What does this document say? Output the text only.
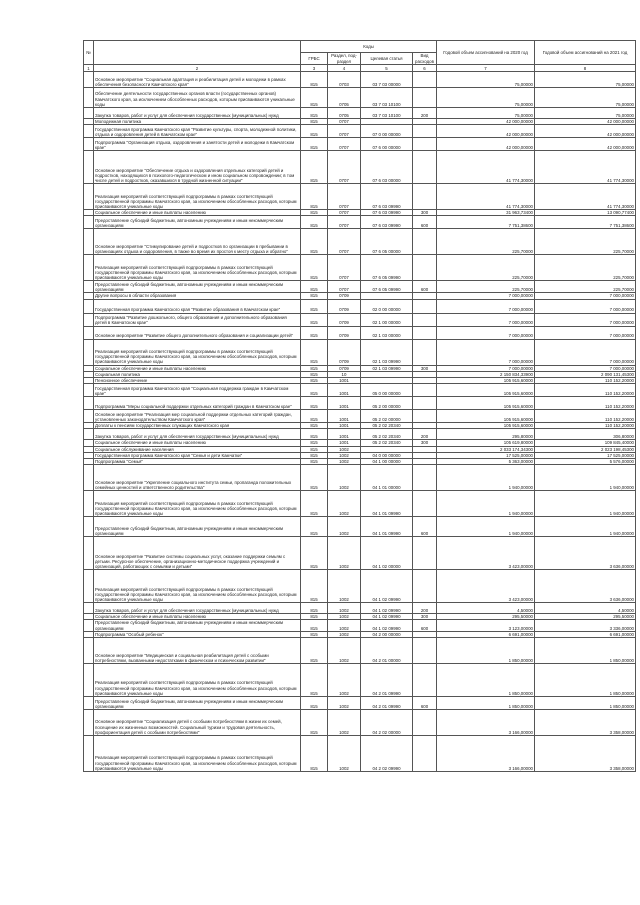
№		Коды				Годовой объем ассигнований на 2020 год	Годовой объем ассигнований на 2021 год
		ГРБС	Раздел, под-раздел	Целевая статья	Вид расходов		
1	2	3	4	5	6	7	8
	Основное мероприятие "Социальная адаптация и реабилитация детей и молодежи в рамках обеспечения безопасности Камчатского края"	815	0703	03 7 03 00000		75,00000	75,00000
	Обеспечение деятельности государственных органов власти (государственных органов) Камчатского края, за исключением обособленных расходов, которым присваиваются уникальные коды	815	0705	03 7 03 10100		75,00000	75,00000
	Закупка товаров, работ и услуг для обеспечения государственных (муниципальных) нужд	815	0705	03 7 03 10100	200	75,00000	75,00000
	Молодежная политика	815	0707			42 000,00000	42 000,00000
	Государственная программа Камчатского края "Развитие культуры, спорта, молодежной политики, отдыха и оздоровления детей в Камчатском крае"	815	0707	07 0 00 00000		42 000,00000	42 000,00000
	Подпрограмма "Организация отдыха, оздоровления и занятости детей и молодежи в Камчатском крае"	815	0707	07 6 00 00000		42 000,00000	42 000,00000
	Основное мероприятие "Обеспечение отдыха и оздоровления отдельных категорий детей и подростков, находящихся в психолого-педагогическом и ином социальном сопровождении; в том числе детей и подростков, оказавшихся в трудной жизненной ситуации"	815	0707	07 6 03 00000		41 774,30000	41 774,30000
	Реализация мероприятий соответствующей подпрограммы в рамках соответствующей государственной программы Камчатского края, за исключением обособленных расходов, которым присваиваются уникальные коды	815	0707	07 6 03 09990		41 774,30000	41 774,30000
	Социальное обеспечение и иные выплаты населению	815	0707	07 6 03 09990	300	31 963,73400	13 090,77400
	Предоставление субсидий бюджетным, автономным учреждениям и иным некоммерческим организациям	815	0707	07 6 03 09990	600	7 751,38600	7 751,38600
	Основное мероприятие "Стимулирование детей и подростков по организации в пребывании в организациях отдыха и оздоровления, в также во время их простоя к месту отдыха и обратно"	815	0707	07 6 05 00000		225,70000	225,70000
	Реализация мероприятий соответствующей подпрограммы в рамках соответствующей государственной программы Камчатского края, за исключением обособленных расходов, которым присваиваются уникальные коды	815	0707	07 6 05 09990		225,70000	225,70000
	Предоставление субсидий бюджетным, автономным учреждениям и иным некоммерческим организациям	815	0707	07 6 05 09990	600	225,70000	225,70000
	Другие вопросы в области образования	815	0709			7 000,00000	7 000,00000
	Государственная программа Камчатского края "Развитие образования в Камчатском крае"	815	0709	02 0 00 00000		7 000,00000	7 000,00000
	Подпрограмма "Развитие дошкольного, общего образования и дополнительного образования детей в Камчатском крае"	815	0709	02 1 00 00000		7 000,00000	7 000,00000
	Основное мероприятие "Развитие общего дополнительного образования и социализации детей"	815	0709	02 1 03 00000		7 000,00000	7 000,00000
	Реализация мероприятий соответствующей подпрограммы в рамках соответствующей государственной программы Камчатского края, за исключением обособленных расходов, которым присваиваются уникальные коды	815	0709	02 1 03 09990		7 000,00000	7 000,00000
	Социальное обеспечение и иные выплаты населению	815	0709	02 1 03 09990	300	7 000,00000	7 000,00000
	Социальная политика	815	10			2 150 834,33900	2 090 131,45300
	Пенсионное обеспечение	815	1001			105 915,60000	110 152,20000
	Государственная программа Камчатского края "Социальная поддержка граждан в Камчатском крае"	815	1001	05 0 00 00000		105 915,60000	110 152,20000
	Подпрограмма "Меры социальной поддержки отдельных категорий граждан в Камчатском крае"	815	1001	05 2 00 00000		105 915,60000	110 152,20000
	Основное мероприятие "Реализация мер социальной поддержки отдельных категорий граждан, установленных законодательством Камчатского края"	815	1001	05 2 02 00000		105 915,60000	110 152,20000
	Доплаты к пенсиям государственных служащих Камчатского края	815	1001	05 2 02 20340		105 915,60000	110 152,20000
	Закупка товаров, работ и услуг для обеспечения государственных (муниципальных) нужд	815	1001	05 2 02 20340	200	295,80000	306,80000
	Социальное обеспечение и иные выплаты населению	815	1001	05 2 02 20340	300	105 619,80000	109 845,40000
	Социальное обслуживание населения	815	1002			2 033 174,34300	2 023 198,45300
	Государственная программа Камчатского края "Семья и дети Камчатки"	815	1002	04 0 00 00000		17 525,00000	17 525,00000
	Подпрограмма "Семья"	815	1002	04 1 00 00000		5 363,00000	5 576,00000
	Основное мероприятие "Укрепление социального института семьи, пропаганда положительных семейных ценностей и ответственного родительства"	815	1002	04 1 01 00000		1 940,00000	1 940,00000
	Реализация мероприятий соответствующей подпрограммы в рамках соответствующей государственной программы Камчатского края, за исключением обособленных расходов, которым присваиваются уникальные коды	815	1002	04 1 01 09990		1 940,00000	1 940,00000
	Предоставление субсидий бюджетным, автономным учреждениям и иным некоммерческим организациям	815	1002	04 1 01 09990	600	1 940,00000	1 940,00000
	Основное мероприятие "Развитие системы социальных услуг, оказание поддержки семьям с детьми. Ресурсное обеспечение, организационно-методическое поддержка учреждений и организаций, работающих с семьями и детьми"	815	1002	04 1 02 00000		3 423,00000	3 636,00000
	Реализация мероприятий соответствующей подпрограммы в рамках соответствующей государственной программы Камчатского края, за исключением обособленных расходов, которым присваиваются уникальные коды	815	1002	04 1 02 09990		3 423,00000	3 636,00000
	Закупка товаров, работ и услуг для обеспечения государственных (муниципальных) нужд	815	1002	04 1 02 09990	200	4,50000	4,50000
	Социальное обеспечение и иные выплаты населению	815	1002	04 1 02 09990	300	295,50000	295,50000
	Предоставление субсидий бюджетным, автономным учреждениям и иным некоммерческим организациям	815	1002	04 1 02 09990	600	3 123,00000	3 336,00000
	Подпрограмма "Особый ребенок"	815	1002	04 2 00 00000		6 691,00000	6 691,00000
	Основное мероприятие "Медицинская и социальная реабилитация детей с особыми потребностями, вызванными недостатками в физическом и психическом развитии"	815	1002	04 2 01 00000		1 850,00000	1 850,00000
	Реализация мероприятий соответствующей подпрограммы в рамках соответствующей государственной программы Камчатского края, за исключением обособленных расходов, которым присваиваются уникальные коды	815	1002	04 2 01 09990		1 850,00000	1 850,00000
	Предоставление субсидий бюджетным, автономным учреждениям и иным некоммерческим организациям	815	1002	04 2 01 09990	600	1 850,00000	1 850,00000
	Основное мероприятие "Социализация детей с особыми потребностями в жизни их семей, посещение их жизненных возможностей. Социальный туризм и трудовая деятельность, профориентация детей с особыми потребностями"	815	1002	04 2 02 00000		3 166,00000	3 358,00000
	Реализация мероприятий соответствующей подпрограммы в рамках соответствующей государственной программы Камчатского края, за исключением обособленных расходов, которым присваиваются уникальные коды	815	1002	04 2 02 09990		3 166,00000	3 358,00000
